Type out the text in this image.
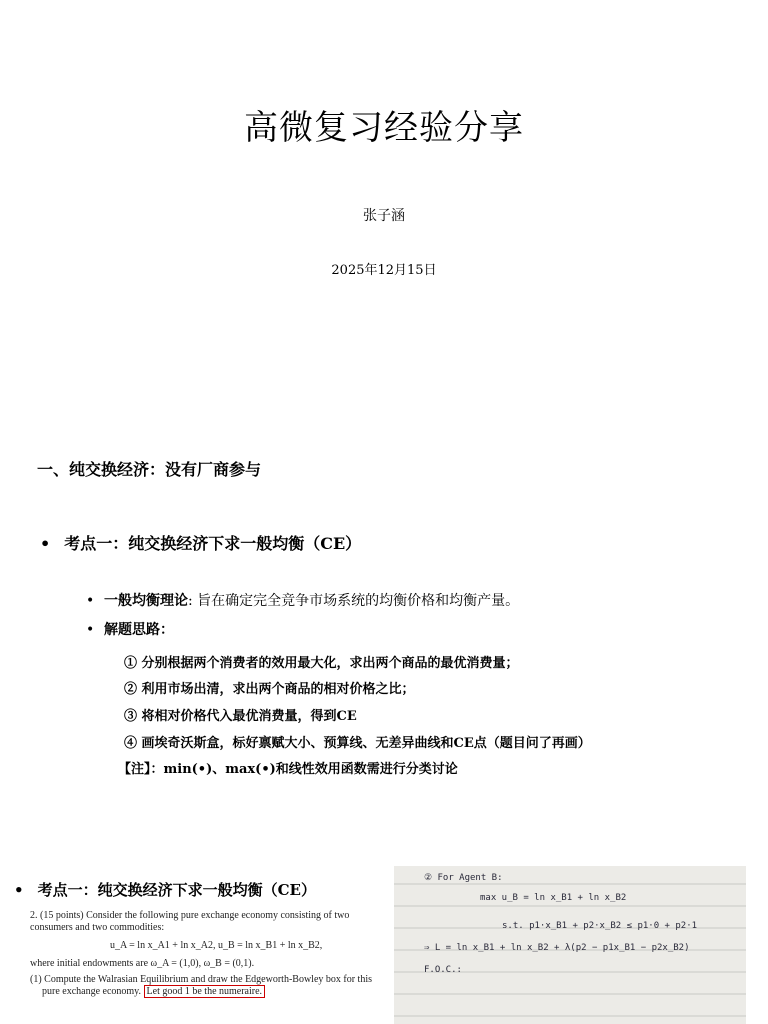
高微复习经验分享
张子涵
2025年12月15日
一、纯交换经济：没有厂商参与
• 考点一：纯交换经济下求一般均衡（CE）
• 一般均衡理论: 旨在确定完全竞争市场系统的均衡价格和均衡产量。
• 解题思路：
① 分别根据两个消费者的效用最大化，求出两个商品的最优消费量；
② 利用市场出清，求出两个商品的相对价格之比；
③ 将相对价格代入最优消费量，得到CE
④ 画埃奇沃斯盒，标好禀赋大小、预算线、无差异曲线和CE点（题目问了再画）
【注】：min(•)、max(•)和线性效用函数需进行分类讨论
• 考点一：纯交换经济下求一般均衡（CE）
2. (15 points) Consider the following pure exchange economy consisting of two
consumers and two commodities:
u_A = ln x_A1 + ln x_A2, u_B = ln x_B1 + ln x_B2,
where initial endowments are ω_A = (1,0), ω_B = (0,1).
(1) Compute the Walrasian Equilibrium and draw the Edgeworth-Bowley box for this
pure exchange economy. Let good 1 be the numeraire.
② For Agent B:
max u_B = ln x_B1 + ln x_B2
s.t. p1·x_B1 + p2·x_B2 ≤ p1·0 + p2·1
⇒ L = ln x_B1 + ln x_B2 + λ(p2 − p1x_B1 − p2x_B2)
F.O.C.:
